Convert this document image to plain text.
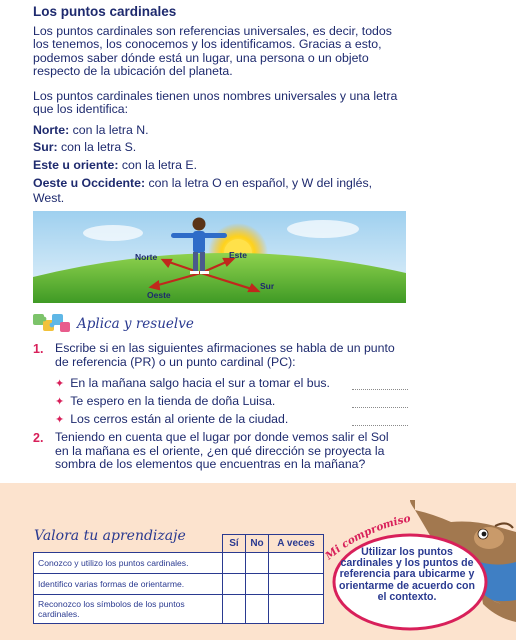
Los puntos cardinales
Los puntos cardinales son referencias universales, es decir, todos los tenemos, los conocemos y los identificamos. Gracias a esto, podemos saber dónde está un lugar, una persona o un objeto respecto de la ubicación del planeta.
Los puntos cardinales tienen unos nombres universales y una letra que los identifica:
Norte: con la letra N.
Sur: con la letra S.
Este u oriente: con la letra E.
Oeste u Occidente: con la letra O en español, y W del inglés,
West.
Norte	Este
Oeste
Sur
Aplica y resuelve
1. Escribe si en las siguientes afirmaciones se habla de un punto de referencia (PR) o un punto cardinal (PC):
✦ En la mañana salgo hacia el sur a tomar el bus.
✦ Te espero en la tienda de doña Luisa.
✦ Los cerros están al oriente de la ciudad.
2. Teniendo en cuenta que el lugar por donde vemos salir el Sol en la mañana es el oriente, ¿en qué dirección se proyecta la sombra de los elementos que encuentras en la mañana?
Valora tu aprendizaje
		Sí	No	A veces
Conozco y utilizo los puntos cardinales.			
Identifico varias formas de orientarme.			
Reconozco los símbolos de los puntos cardinales.			
Mi compromiso
Utilizar los puntos cardinales y los puntos de referencia para ubicarme y orientarme de acuerdo con el contexto.
